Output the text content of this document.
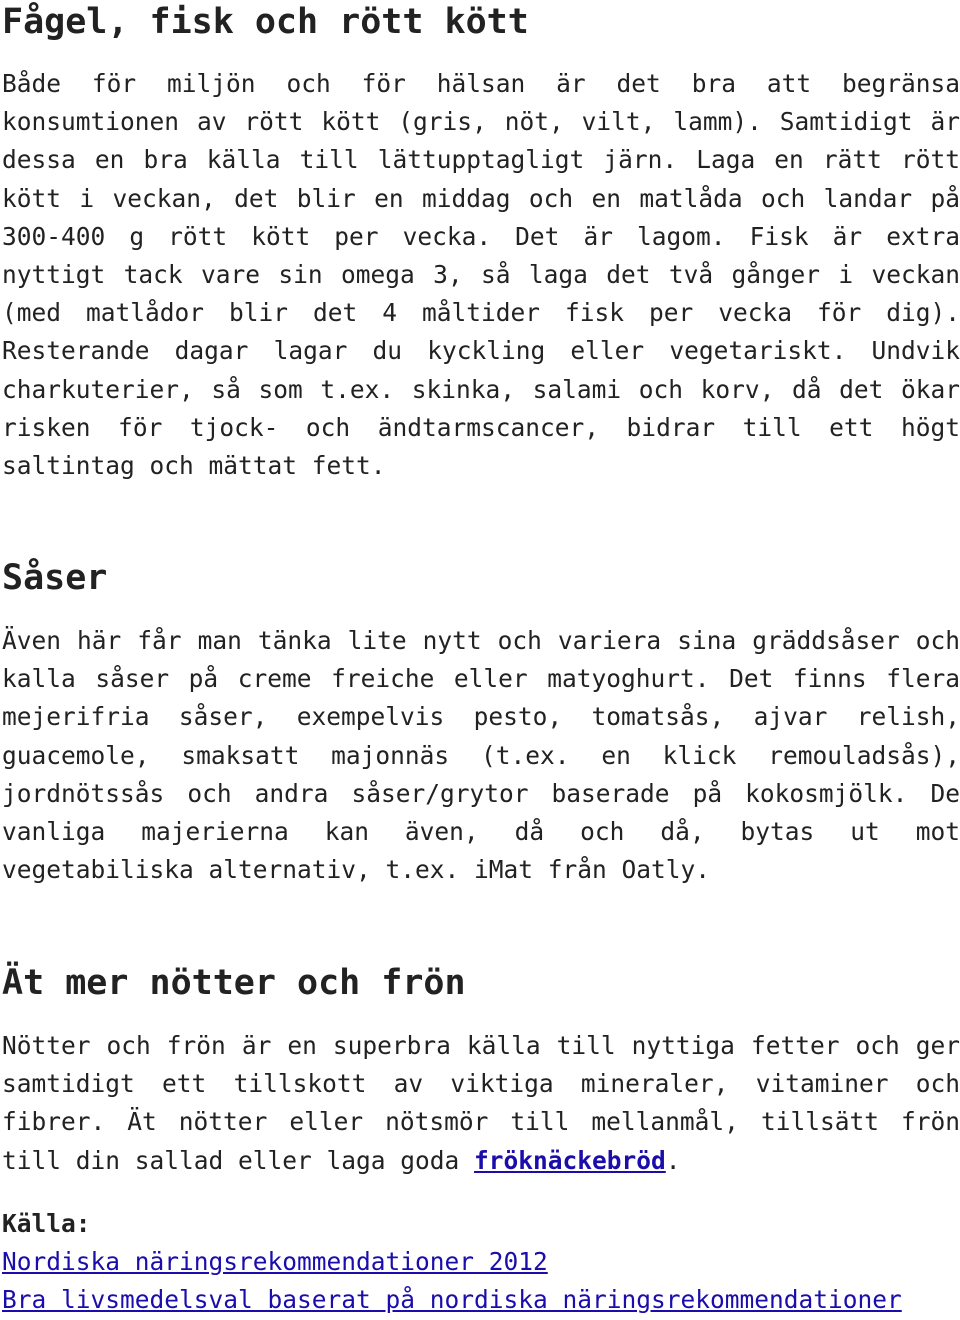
Fågel, fisk och rött kött

Både för miljön och för hälsan är det bra att begränsa konsumtionen av rött kött (gris, nöt, vilt, lamm). Samtidigt är dessa en bra källa till lättupptagligt järn. Laga en rätt rött kött i veckan, det blir en middag och en matlåda och landar på 300-400 g rött kött per vecka. Det är lagom. Fisk är extra nyttigt tack vare sin omega 3, så laga det två gånger i veckan (med matlådor blir det 4 måltider fisk per vecka för dig). Resterande dagar lagar du kyckling eller vegetariskt. Undvik charkuterier, så som t.ex. skinka, salami och korv, då det ökar risken för tjock- och ändtarmscancer, bidrar till ett högt saltintag och mättat fett.

Såser

Även här får man tänka lite nytt och variera sina gräddsåser och kalla såser på creme freiche eller matyoghurt. Det finns flera mejerifria såser, exempelvis pesto, tomatsås, ajvar relish, guacemole, smaksatt majonnäs (t.ex. en klick remouladsås), jordnötssås och andra såser/grytor baserade på kokosmjölk. De vanliga majerierna kan även, då och då, bytas ut mot vegetabiliska alternativ, t.ex. iMat från Oatly.

Ät mer nötter och frön

Nötter och frön är en superbra källa till nyttiga fetter och ger samtidigt ett tillskott av viktiga mineraler, vitaminer och fibrer. Ät nötter eller nötsmör till mellanmål, tillsätt frön till din sallad eller laga goda fröknäckebröd.

Källa:
Nordiska näringsrekommendationer 2012
Bra livsmedelsval baserat på nordiska näringsrekommendationer
